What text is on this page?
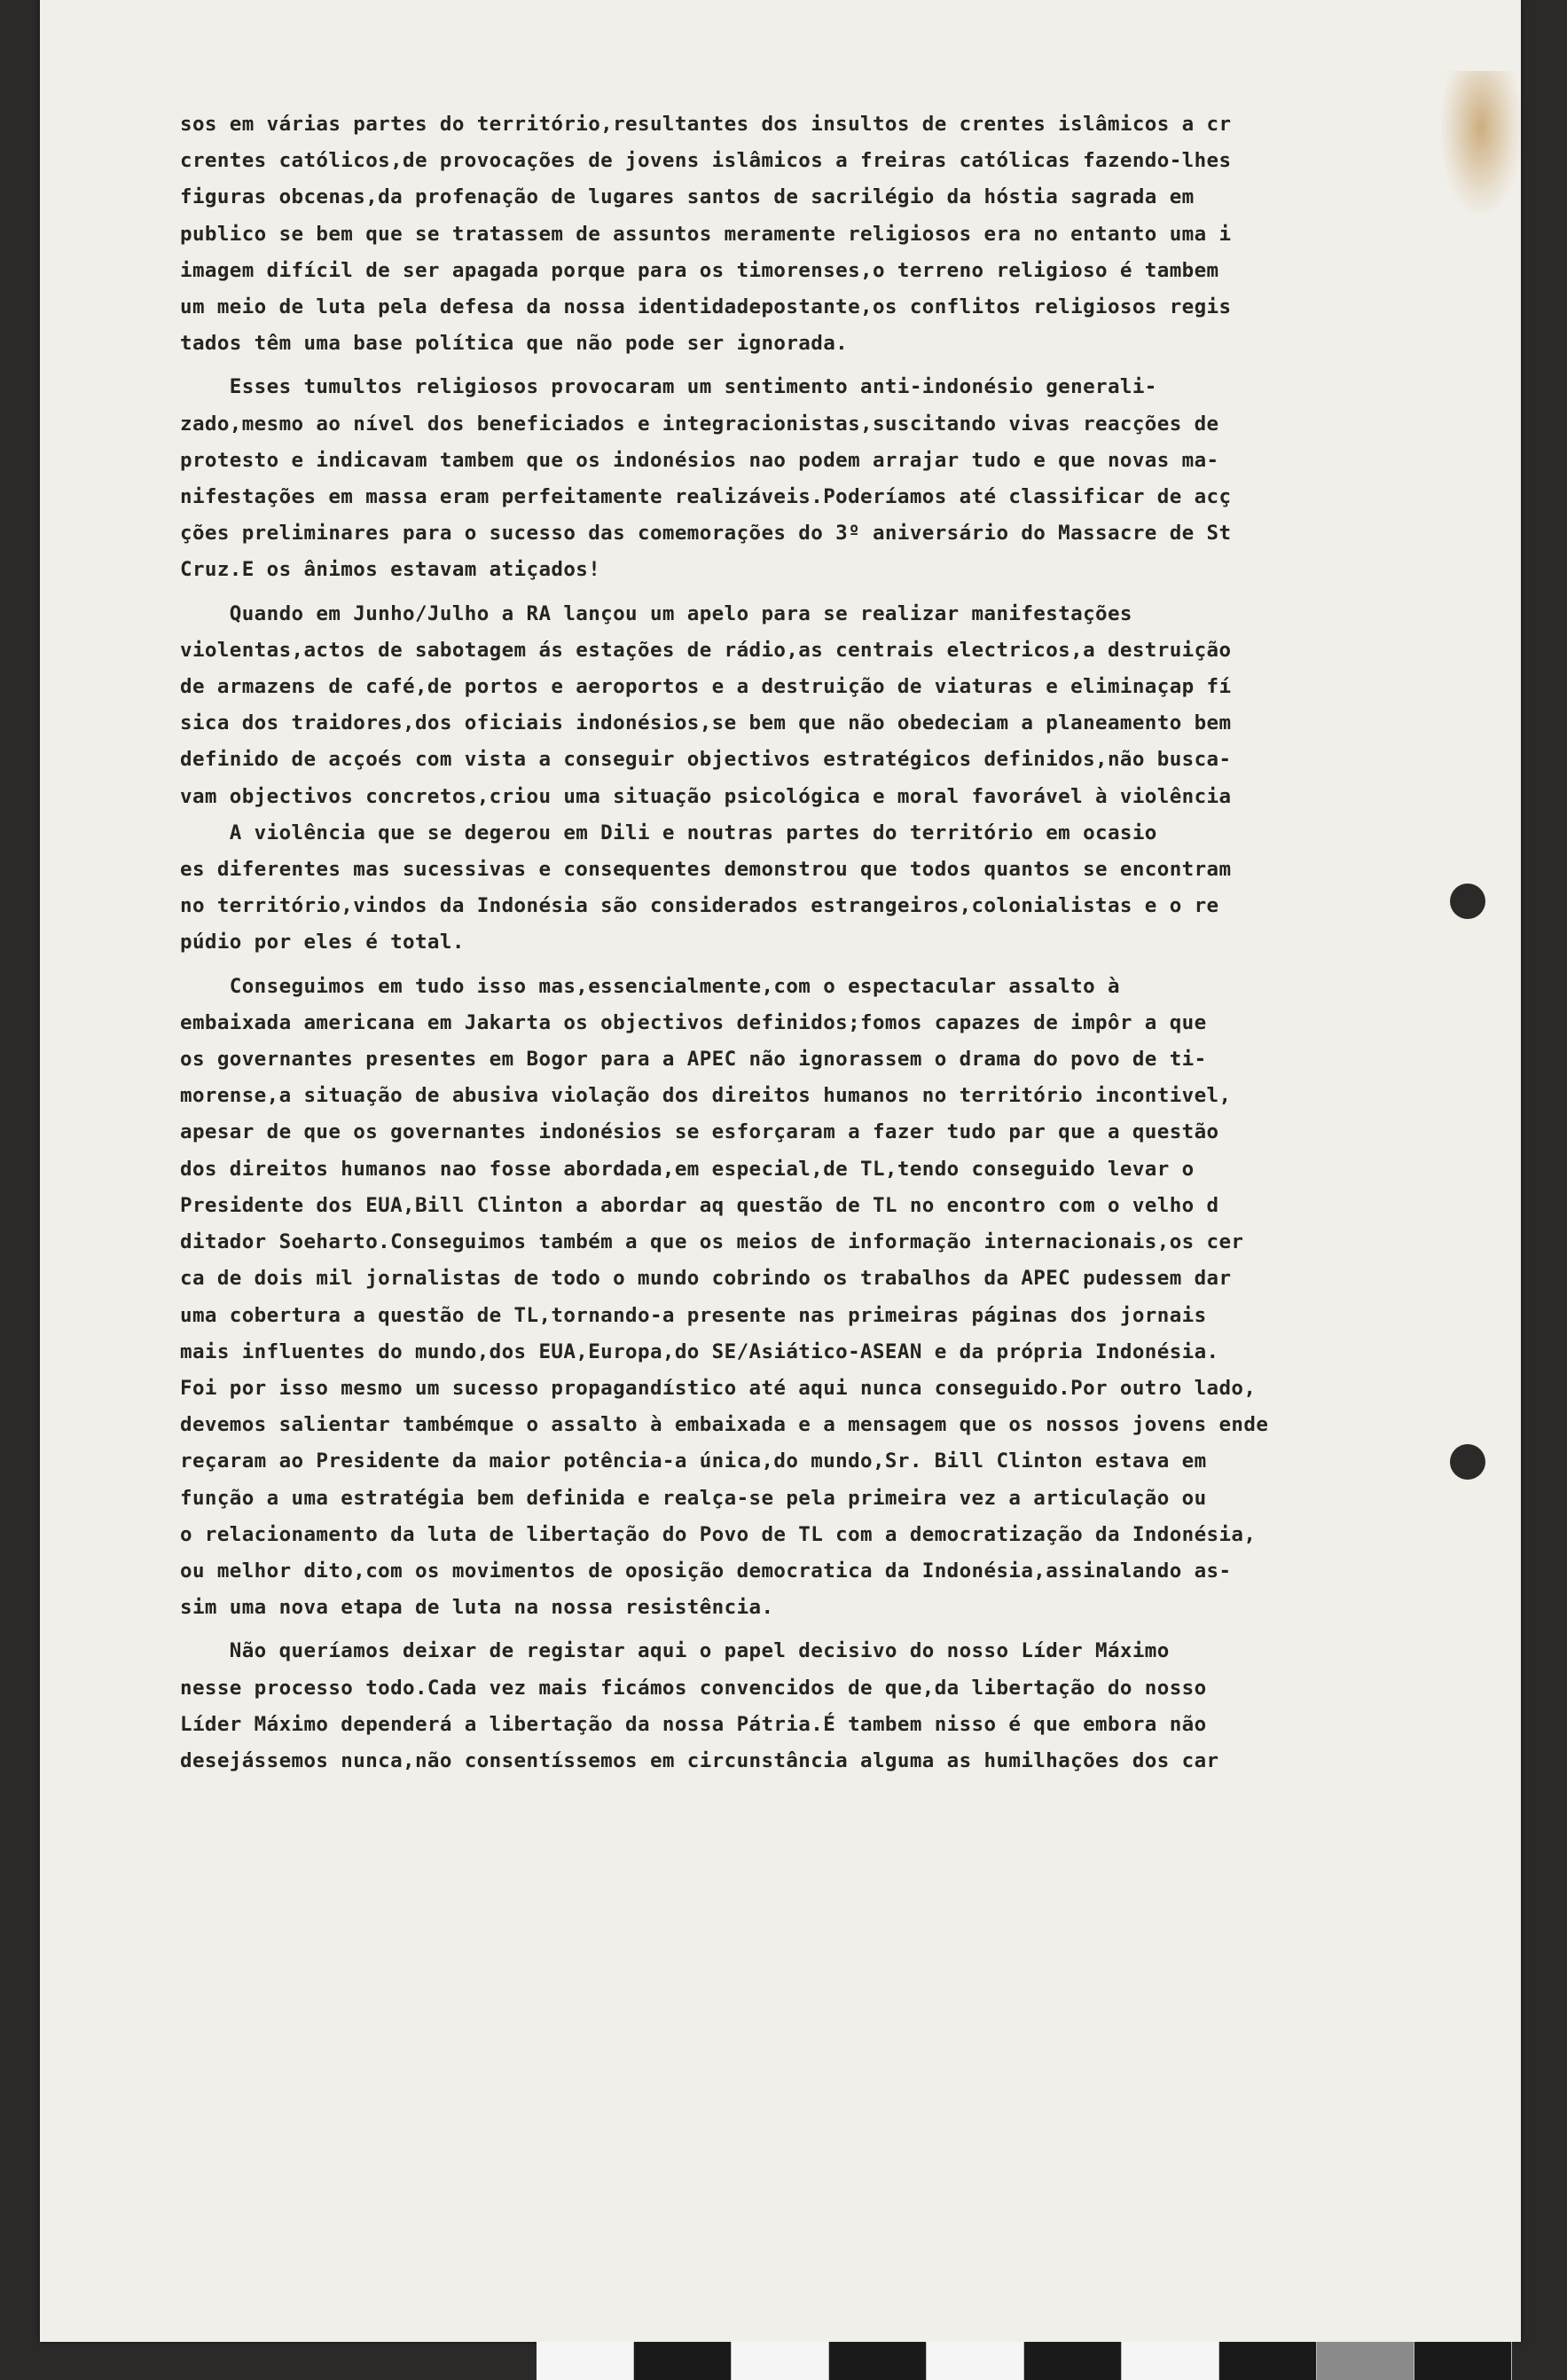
sos em várias partes do território,resultantes dos insultos de crentes islâmicos a cr
crentes católicos,de provocações de jovens islâmicos a freiras católicas fazendo-lhes
figuras obcenas,da profenação de lugares santos de sacrilégio da hóstia sagrada em
publico se bem que se tratassem de assuntos meramente religiosos era no entanto uma i
imagem difícil de ser apagada porque para os timorenses,o terreno religioso é tambem
um meio de luta pela defesa da nossa identidadepostante,os conflitos religiosos regis
tados têm uma base política que não pode ser ignorada.

Esses tumultos religiosos provocaram um sentimento anti-indonésio generali-
zado,mesmo ao nível dos beneficiados e integracionistas,suscitando vivas reacções de
protesto e indicavam tambem que os indonésios nao podem arrajar tudo e que novas ma-
nifestações em massa eram perfeitamente realizáveis.Poderíamos até classificar de acç
ções preliminares para o sucesso das comemorações do 3º aniversário do Massacre de St
Cruz.E os ânimos estavam atiçados!

Quando em Junho/Julho a RA lançou um apelo para se realizar manifestações
violentas,actos de sabotagem ás estações de rádio,as centrais electricos,a destruição
de armazens de café,de portos e aeroportos e a destruição de viaturas e eliminaçap fí
sica dos traidores,dos oficiais indonésios,se bem que não obedeciam a planeamento bem
definido de acçoés com vista a conseguir objectivos estratégicos definidos,não busca-
vam objectivos concretos,criou uma situação psicológica e moral favorável à violência

A violência que se degerou em Dili e noutras partes do território em ocasio
es diferentes mas sucessivas e consequentes demonstrou que todos quantos se encontram
no território,vindos da Indonésia são considerados estrangeiros,colonialistas e o re
púdio por eles é total.

Conseguimos em tudo isso mas,essencialmente,com o espectacular assalto à
embaixada americana em Jakarta os objectivos definidos;fomos capazes de impôr a que
os governantes presentes em Bogor para a APEC não ignorassem o drama do povo de ti-
morense,a situação de abusiva violação dos direitos humanos no território incontivel,
apesar de que os governantes indonésios se esforçaram a fazer tudo par que a questão
dos direitos humanos nao fosse abordada,em especial,de TL,tendo conseguido levar o
Presidente dos EUA,Bill Clinton a abordar aq questão de TL no encontro com o velho d
ditador Soeharto.Conseguimos também a que os meios de informação internacionais,os cer
ca de dois mil jornalistas de todo o mundo cobrindo os trabalhos da APEC pudessem dar
uma cobertura a questão de TL,tornando-a presente nas primeiras páginas dos jornais
mais influentes do mundo,dos EUA,Europa,do SE/Asiático-ASEAN e da própria Indonésia.
Foi por isso mesmo um sucesso propagandístico até aqui nunca conseguido.Por outro lado,
devemos salientar tambémque o assalto à embaixada e a mensagem que os nossos jovens ende
reçaram ao Presidente da maior potência-a única,do mundo,Sr. Bill Clinton estava em
função a uma estratégia bem definida e realça-se pela primeira vez a articulação ou
o relacionamento da luta de libertação do Povo de TL com a democratização da Indonésia,
ou melhor dito,com os movimentos de oposição democratica da Indonésia,assinalando as-
sim uma nova etapa de luta na nossa resistência.

Não queríamos deixar de registar aqui o papel decisivo do nosso Líder Máximo
nesse processo todo.Cada vez mais ficámos convencidos de que,da libertação do nosso
Líder Máximo dependerá a libertação da nossa Pátria.É tambem nisso é que embora não
desejássemos nunca,não consentíssemos em circunstância alguma as humilhações dos car
